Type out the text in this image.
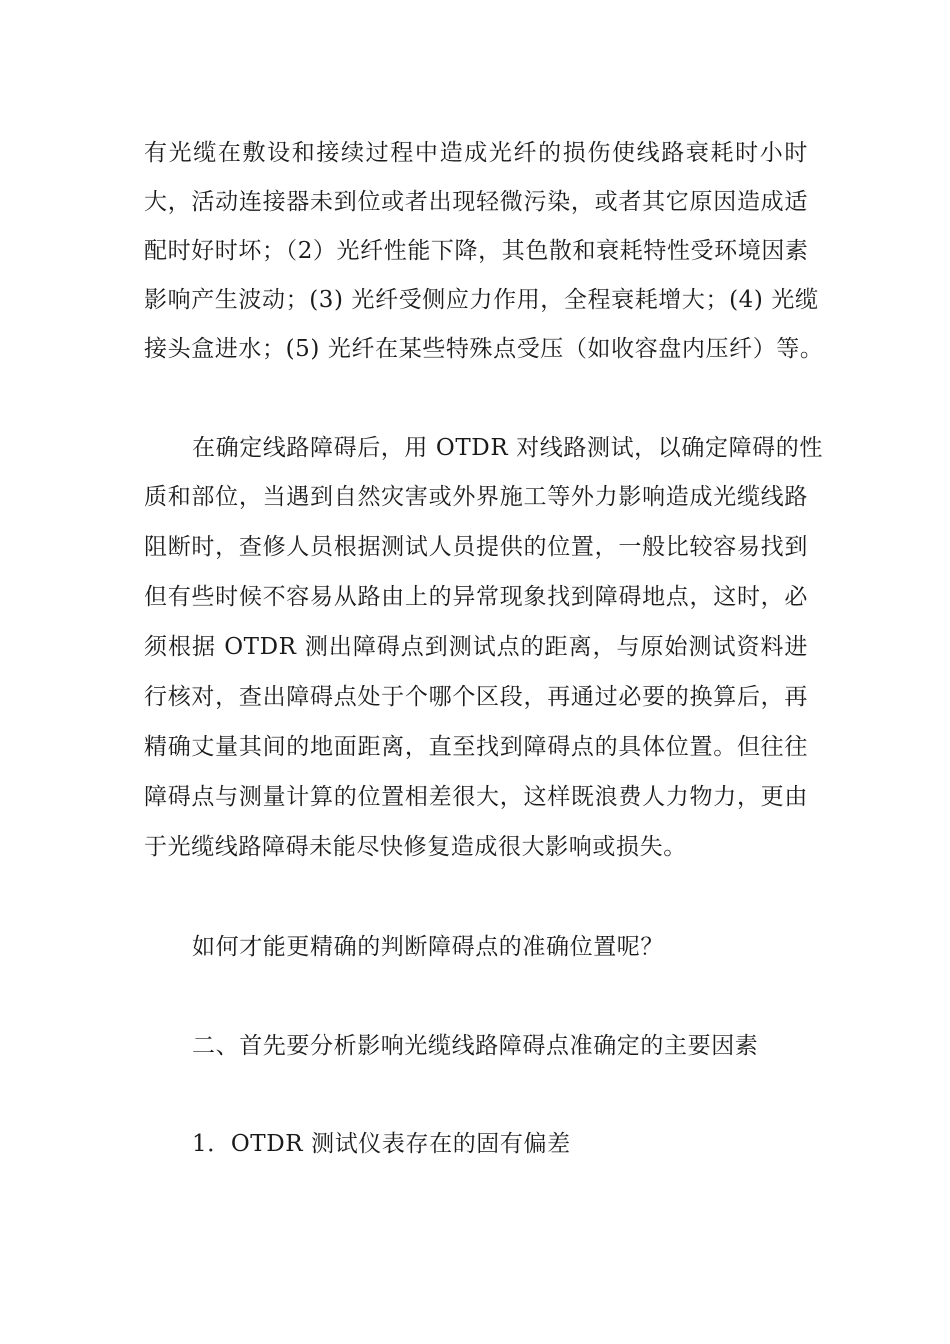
有光缆在敷设和接续过程中造成光纤的损伤使线路衰耗时小时
大，活动连接器未到位或者出现轻微污染，或者其它原因造成适
配时好时坏；（2）光纤性能下降，其色散和衰耗特性受环境因素
影响产生波动；(3) 光纤受侧应力作用，全程衰耗增大；(4) 光缆
接头盒进水；(5) 光纤在某些特殊点受压（如收容盘内压纤）等。
在确定线路障碍后，用 OTDR 对线路测试，以确定障碍的性
质和部位，当遇到自然灾害或外界施工等外力影响造成光缆线路
阻断时，查修人员根据测试人员提供的位置，一般比较容易找到
但有些时候不容易从路由上的异常现象找到障碍地点，这时，必
须根据 OTDR 测出障碍点到测试点的距离，与原始测试资料进
行核对，查出障碍点处于个哪个区段，再通过必要的换算后，再
精确丈量其间的地面距离，直至找到障碍点的具体位置。但往往
障碍点与测量计算的位置相差很大，这样既浪费人力物力，更由
于光缆线路障碍未能尽快修复造成很大影响或损失。
如何才能更精确的判断障碍点的准确位置呢？
二、首先要分析影响光缆线路障碍点准确定的主要因素
1．OTDR 测试仪表存在的固有偏差
